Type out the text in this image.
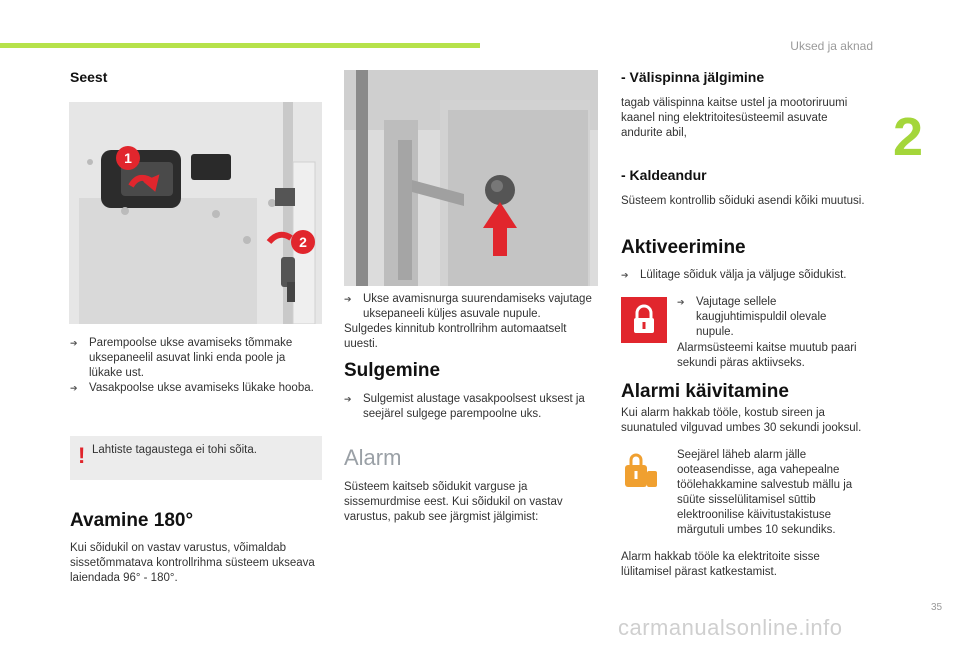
Uksed ja aknad
2
Seest
1
2
➔ Parempoolse ukse avamiseks tõmmake uksepaneelil asuvat linki enda poole ja lükake ust.
➔ Vasakpoolse ukse avamiseks lükake hooba.
! Lahtiste tagaustega ei tohi sõita.
Avamine 180°
Kui sõidukil on vastav varustus, võimaldab sissetõmmatava kontrollrihma süsteem ukseava laiendada 96° - 180°.
➔ Ukse avamisnurga suurendamiseks vajutage uksepaneeli küljes asuvale nupule.
Sulgedes kinnitub kontrollrihm automaatselt uuesti.
Sulgemine
➔ Sulgemist alustage vasakpoolsest uksest ja seejärel sulgege parempoolne uks.
Alarm
Süsteem kaitseb sõidukit varguse ja sissemurdmise eest. Kui sõidukil on vastav varustus, pakub see järgmist jälgimist:
- Välispinna jälgimine
tagab välispinna kaitse ustel ja mootoriruumi kaanel ning elektritoitesüsteemil asuvate andurite abil,
- Kaldeandur
Süsteem kontrollib sõiduki asendi kõiki muutusi.
Aktiveerimine
➔ Lülitage sõiduk välja ja väljuge sõidukist.
➔ Vajutage sellele kaugjuhtimispuldil olevale nupule.
Alarmsüsteemi kaitse muutub paari sekundi päras aktiivseks.
Alarmi käivitamine
Kui alarm hakkab tööle, kostub sireen ja suunatuled vilguvad umbes 30 sekundi jooksul.
Seejärel läheb alarm jälle ooteasendisse, aga vahepealne töölehakkamine salvestub mällu ja sūüte sisselülitamisel sūttib elektroonilise käivitustakistuse märgutuli umbes 10 sekundiks.
Alarm hakkab tööle ka elektritoite sisse lülitamisel pärast katkestamist.
35
carmanualsonline.info
